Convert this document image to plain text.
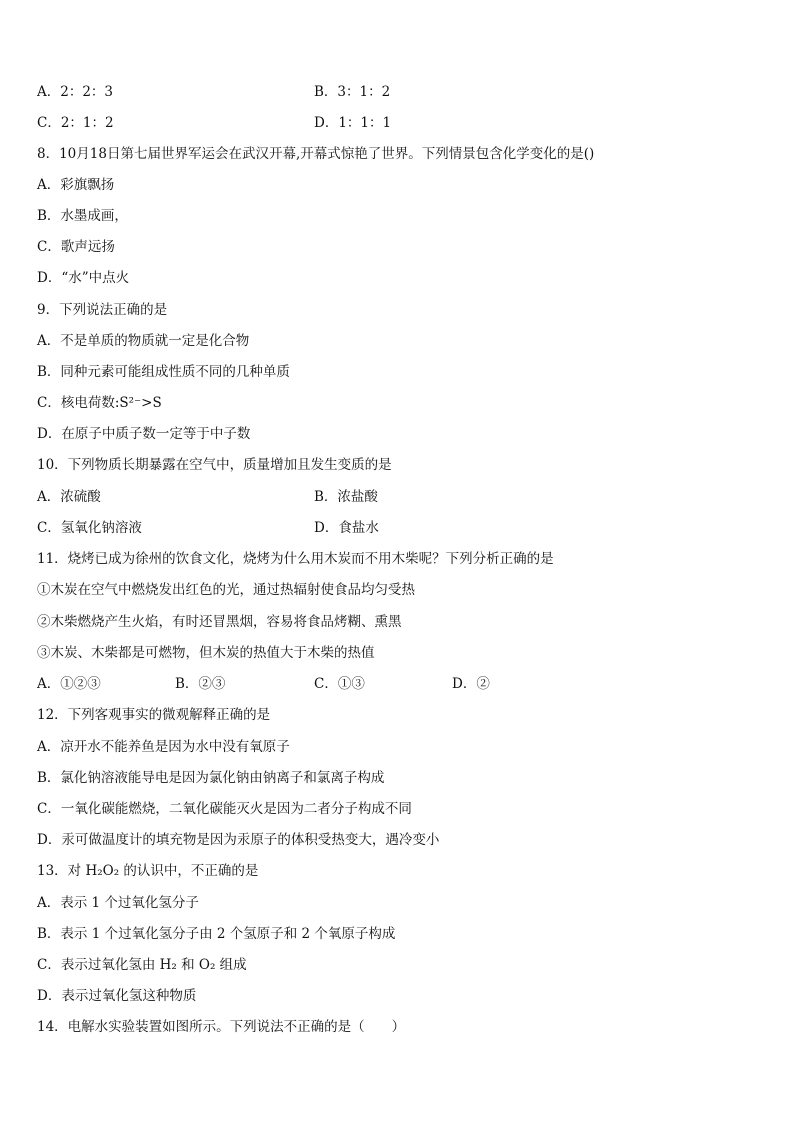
A．2：2：3	B．3：1：2
C．2：1：2	D．1：1：1
8．10月18日第七届世界军运会在武汉开幕,开幕式惊艳了世界。下列情景包含化学变化的是()
A．彩旗飘扬
B．水墨成画，
C．歌声远扬
D．“水”中点火
9．下列说法正确的是
A．不是单质的物质就一定是化合物
B．同种元素可能组成性质不同的几种单质
C．核电荷数:S²⁻>S
D．在原子中质子数一定等于中子数
10．下列物质长期暴露在空气中，质量增加且发生变质的是
A．浓硫酸	B．浓盐酸
C．氢氧化钠溶液	D．食盐水
11．烧烤已成为徐州的饮食文化，烧烤为什么用木炭而不用木柴呢？下列分析正确的是
①木炭在空气中燃烧发出红色的光，通过热辐射使食品均匀受热
②木柴燃烧产生火焰，有时还冒黑烟，容易将食品烤糊、熏黑
③木炭、木柴都是可燃物，但木炭的热值大于木柴的热值
A．①②③	B．②③	C．①③	D．②
12．下列客观事实的微观解释正确的是
A．凉开水不能养鱼是因为水中没有氧原子
B．氯化钠溶液能导电是因为氯化钠由钠离子和氯离子构成
C．一氧化碳能燃烧，二氧化碳能灭火是因为二者分子构成不同
D．汞可做温度计的填充物是因为汞原子的体积受热变大，遇冷变小
13．对 H₂O₂ 的认识中，不正确的是
A．表示 1 个过氧化氢分子
B．表示 1 个过氧化氢分子由 2 个氢原子和 2 个氧原子构成
C．表示过氧化氢由 H₂ 和 O₂ 组成
D．表示过氧化氢这种物质
14．电解水实验装置如图所示。下列说法不正确的是（　　）
